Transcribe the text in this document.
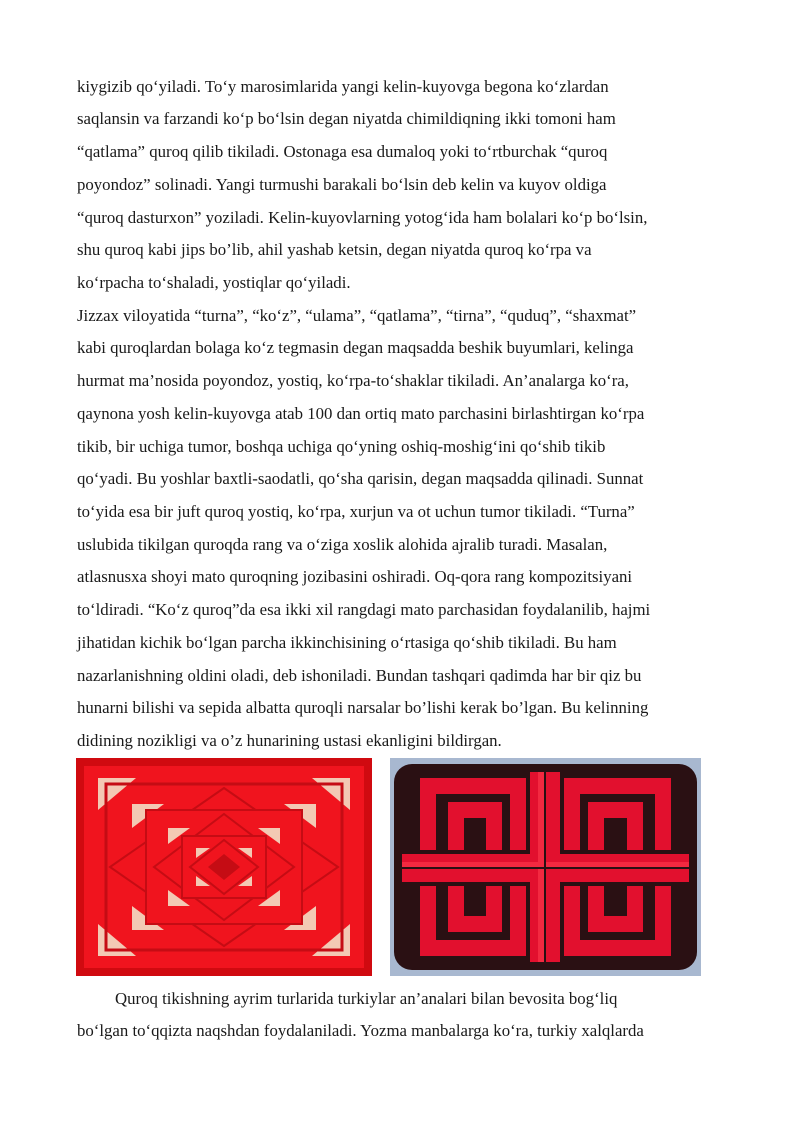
kiygizib qo‘yiladi. To‘y marosimlarida yangi kelin-kuyovga begona ko‘zlardan
saqlansin va farzandi ko‘p bo‘lsin degan niyatda chimildiqning ikki tomoni ham
“qatlama” quroq qilib tikiladi. Ostonaga esa dumaloq yoki to‘rtburchak “quroq
poyondoz” solinadi. Yangi turmushi barakali bo‘lsin deb kelin va kuyov oldiga
“quroq dasturxon” yoziladi. Kelin-kuyovlarning yotog‘ida ham bolalari ko‘p bo‘lsin,
shu quroq kabi jips bo’lib, ahil yashab ketsin, degan niyatda quroq ko‘rpa va
ko‘rpacha to‘shaladi, yostiqlar qo‘yiladi.
Jizzax viloyatida “turna”, “ko‘z”, “ulama”, “qatlama”, “tirna”, “quduq”, “shaxmat”
kabi quroqlardan bolaga ko‘z tegmasin degan maqsadda beshik buyumlari, kelinga
hurmat ma’nosida poyondoz, yostiq, ko‘rpa-to‘shaklar tikiladi. An’analarga ko‘ra,
qaynona yosh kelin-kuyovga atab 100 dan ortiq mato parchasini birlashtirgan ko‘rpa
tikib, bir uchiga tumor, boshqa uchiga qo‘yning oshiq-moshig‘ini qo‘shib tikib
qo‘yadi. Bu yoshlar baxtli-saodatli, qo‘sha qarisin, degan maqsadda qilinadi. Sunnat
to‘yida esa bir juft quroq yostiq, ko‘rpa, xurjun va ot uchun tumor tikiladi. “Turna”
uslubida tikilgan quroqda rang va o‘ziga xoslik alohida ajralib turadi. Masalan,
atlasnusxa shoyi mato quroqning jozibasini oshiradi. Oq-qora rang kompozitsiyani
to‘ldiradi. “Ko‘z quroq”da esa ikki xil rangdagi mato parchasidan foydalanilib, hajmi
jihatidan kichik bo‘lgan parcha ikkinchisining o‘rtasiga qo‘shib tikiladi. Bu ham
nazarlanishning oldini oladi, deb ishoniladi. Bundan tashqari qadimda har bir qiz bu
hunarni bilishi va sepida albatta quroqli narsalar bo’lishi kerak bo’lgan. Bu kelinning
didining nozikligi va o’z hunarining ustasi ekanligini bildirgan.
Quroq tikishning ayrim turlarida turkiylar an’analari bilan bevosita bog‘liq
bo‘lgan to‘qqizta naqshdan foydalaniladi. Yozma manbalarga ko‘ra, turkiy xalqlarda
